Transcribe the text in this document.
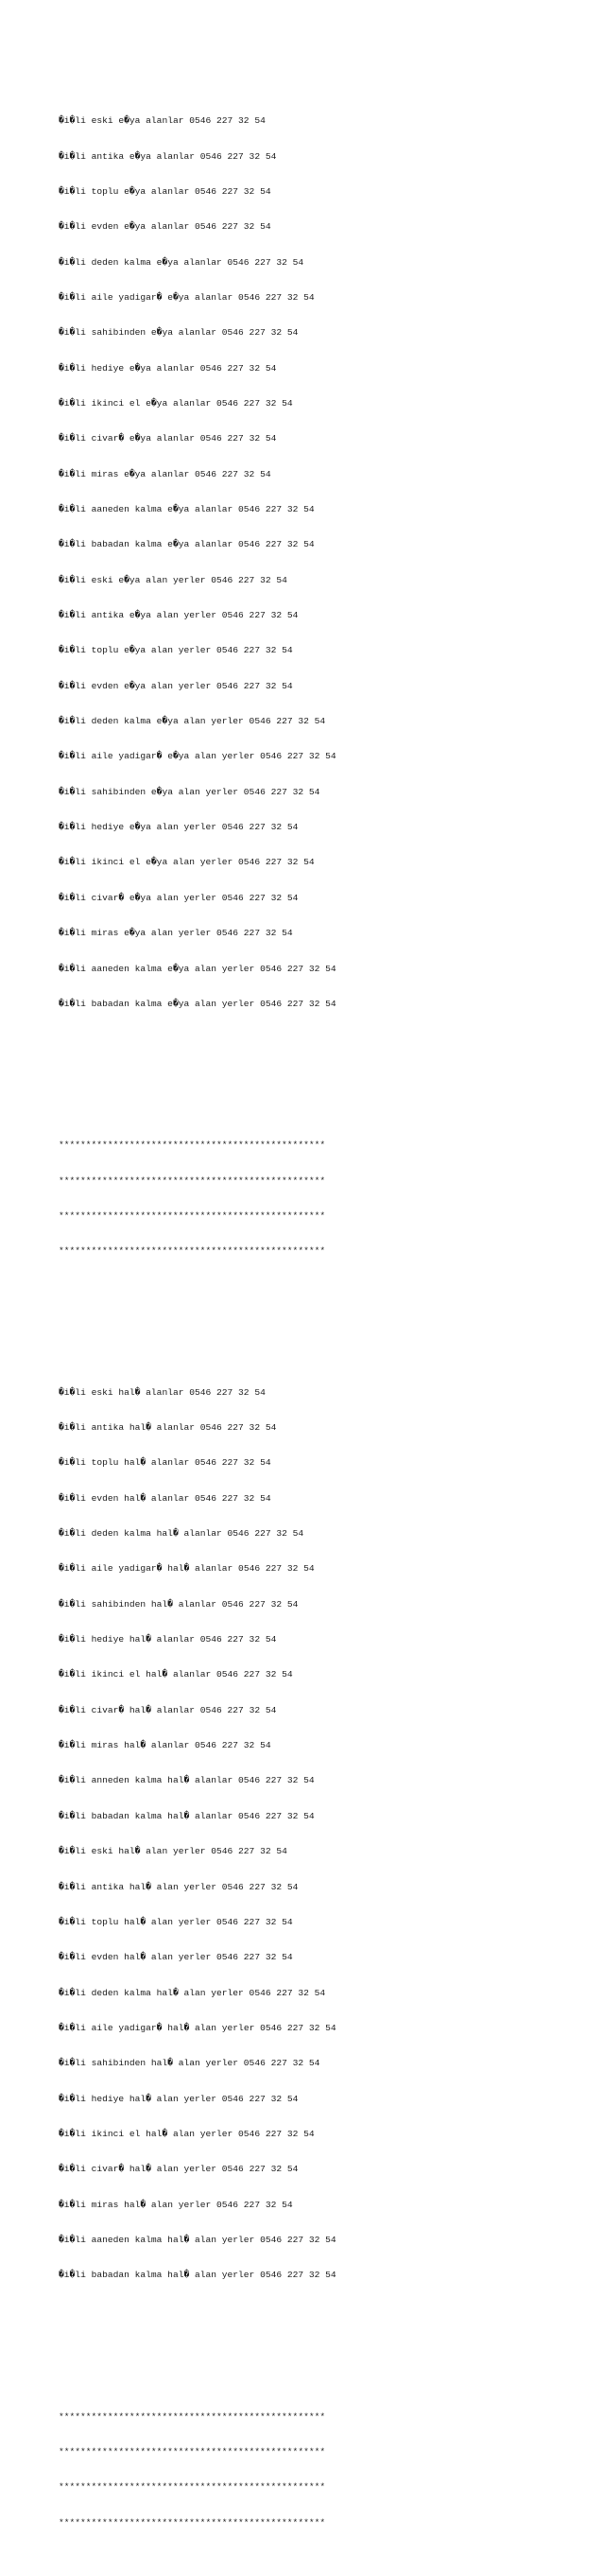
�i�li eski e�ya alanlar 0546 227 32 54

�i�li antika e�ya alanlar 0546 227 32 54

�i�li toplu e�ya alanlar 0546 227 32 54

�i�li evden e�ya alanlar 0546 227 32 54

�i�li deden kalma e�ya alanlar 0546 227 32 54

�i�li aile yadigar� e�ya alanlar 0546 227 32 54

�i�li sahibinden e�ya alanlar 0546 227 32 54

�i�li hediye e�ya alanlar 0546 227 32 54

�i�li ikinci el e�ya alanlar 0546 227 32 54

�i�li civar� e�ya alanlar 0546 227 32 54

�i�li miras e�ya alanlar 0546 227 32 54

�i�li aaneden kalma e�ya alanlar 0546 227 32 54

�i�li babadan kalma e�ya alanlar 0546 227 32 54

�i�li eski e�ya alan yerler 0546 227 32 54

�i�li antika e�ya alan yerler 0546 227 32 54

�i�li toplu e�ya alan yerler 0546 227 32 54

�i�li evden e�ya alan yerler 0546 227 32 54

�i�li deden kalma e�ya alan yerler 0546 227 32 54

�i�li aile yadigar� e�ya alan yerler 0546 227 32 54

�i�li sahibinden e�ya alan yerler 0546 227 32 54

�i�li hediye e�ya alan yerler 0546 227 32 54

�i�li ikinci el e�ya alan yerler 0546 227 32 54

�i�li civar� e�ya alan yerler 0546 227 32 54

�i�li miras e�ya alan yerler 0546 227 32 54

�i�li aaneden kalma e�ya alan yerler 0546 227 32 54

�i�li babadan kalma e�ya alan yerler 0546 227 32 54

*************************************************

*************************************************

*************************************************

*************************************************

�i�li eski hal� alanlar 0546 227 32 54

�i�li antika hal� alanlar 0546 227 32 54

�i�li toplu hal� alanlar 0546 227 32 54

�i�li evden hal� alanlar 0546 227 32 54

�i�li deden kalma hal� alanlar 0546 227 32 54

�i�li aile yadigar� hal� alanlar 0546 227 32 54

�i�li sahibinden hal� alanlar 0546 227 32 54

�i�li hediye hal� alanlar 0546 227 32 54

�i�li ikinci el hal� alanlar 0546 227 32 54

�i�li civar� hal� alanlar 0546 227 32 54

�i�li miras hal� alanlar 0546 227 32 54

�i�li anneden kalma hal� alanlar 0546 227 32 54

�i�li babadan kalma hal� alanlar 0546 227 32 54

�i�li eski hal� alan yerler 0546 227 32 54

�i�li antika hal� alan yerler 0546 227 32 54

�i�li toplu hal� alan yerler 0546 227 32 54

�i�li evden hal� alan yerler 0546 227 32 54

�i�li deden kalma hal� alan yerler 0546 227 32 54

�i�li aile yadigar� hal� alan yerler 0546 227 32 54

�i�li sahibinden hal� alan yerler 0546 227 32 54

�i�li hediye hal� alan yerler 0546 227 32 54

�i�li ikinci el hal� alan yerler 0546 227 32 54

�i�li civar� hal� alan yerler 0546 227 32 54

�i�li miras hal� alan yerler 0546 227 32 54

�i�li aaneden kalma hal� alan yerler 0546 227 32 54

�i�li babadan kalma hal� alan yerler 0546 227 32 54

*************************************************

*************************************************

*************************************************

*************************************************
